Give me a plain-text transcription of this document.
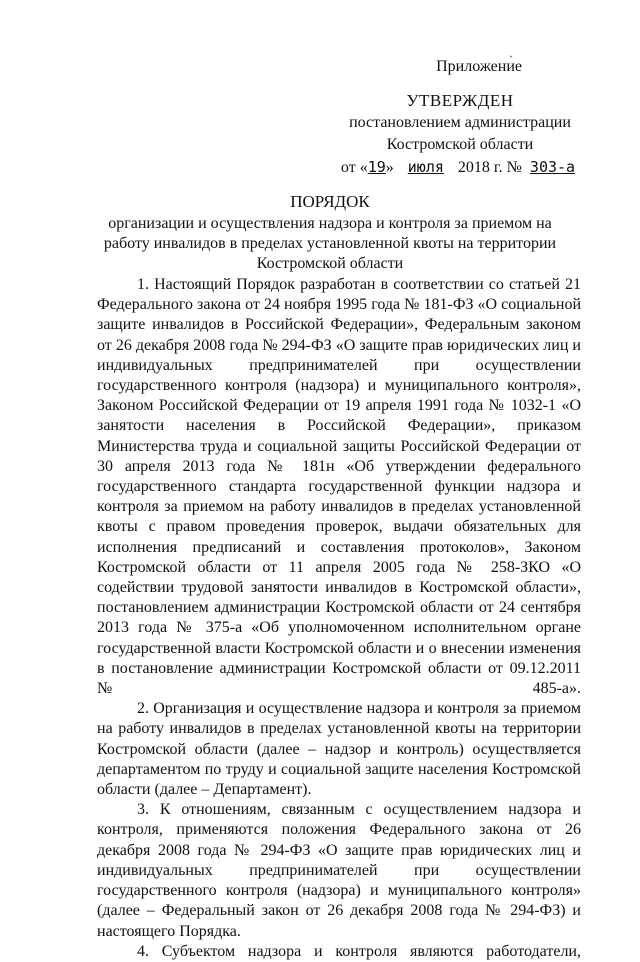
ˏ
Приложение
УТВЕРЖДЕН
постановлением администрации
Костромской области
от «19» июля 2018 г. № 303-а
ПОРЯДОК
организации и осуществления надзора и контроля за приемом на работу инвалидов в пределах установленной квоты на территории Костромской области

1. Настоящий Порядок разработан в соответствии со статьей 21 Федерального закона от 24 ноября 1995 года № 181-ФЗ «О социальной защите инвалидов в Российской Федерации», Федеральным законом от 26 декабря 2008 года № 294-ФЗ «О защите прав юридических лиц и индивидуальных предпринимателей при осуществлении государственного контроля (надзора) и муниципального контроля», Законом Российской Федерации от 19 апреля 1991 года № 1032-1 «О занятости населения в Российской Федерации», приказом Министерства труда и социальной защиты Российской Федерации от 30 апреля 2013 года № 181н «Об утверждении федерального государственного стандарта государственной функции надзора и контроля за приемом на работу инвалидов в пределах установленной квоты с правом проведения проверок, выдачи обязательных для исполнения предписаний и составления протоколов», Законом Костромской области от 11 апреля 2005 года № 258-ЗКО «О содействии трудовой занятости инвалидов в Костромской области», постановлением администрации Костромской области от 24 сентября 2013 года № 375-а «Об уполномоченном исполнительном органе государственной власти Костромской области и о внесении изменения в постановление администрации Костромской области от 09.12.2011 № 485-а».

2. Организация и осуществление надзора и контроля за приемом на работу инвалидов в пределах установленной квоты на территории Костромской области (далее – надзор и контроль) осуществляется департаментом по труду и социальной защите населения Костромской области (далее – Департамент).

3. К отношениям, связанным с осуществлением надзора и контроля, применяются положения Федерального закона от 26 декабря 2008 года № 294-ФЗ «О защите прав юридических лиц и индивидуальных предпринимателей при осуществлении государственного контроля (надзора) и муниципального контроля» (далее – Федеральный закон от 26 декабря 2008 года № 294-ФЗ) и настоящего Порядка.

4. Субъектом надзора и контроля являются работодатели,
